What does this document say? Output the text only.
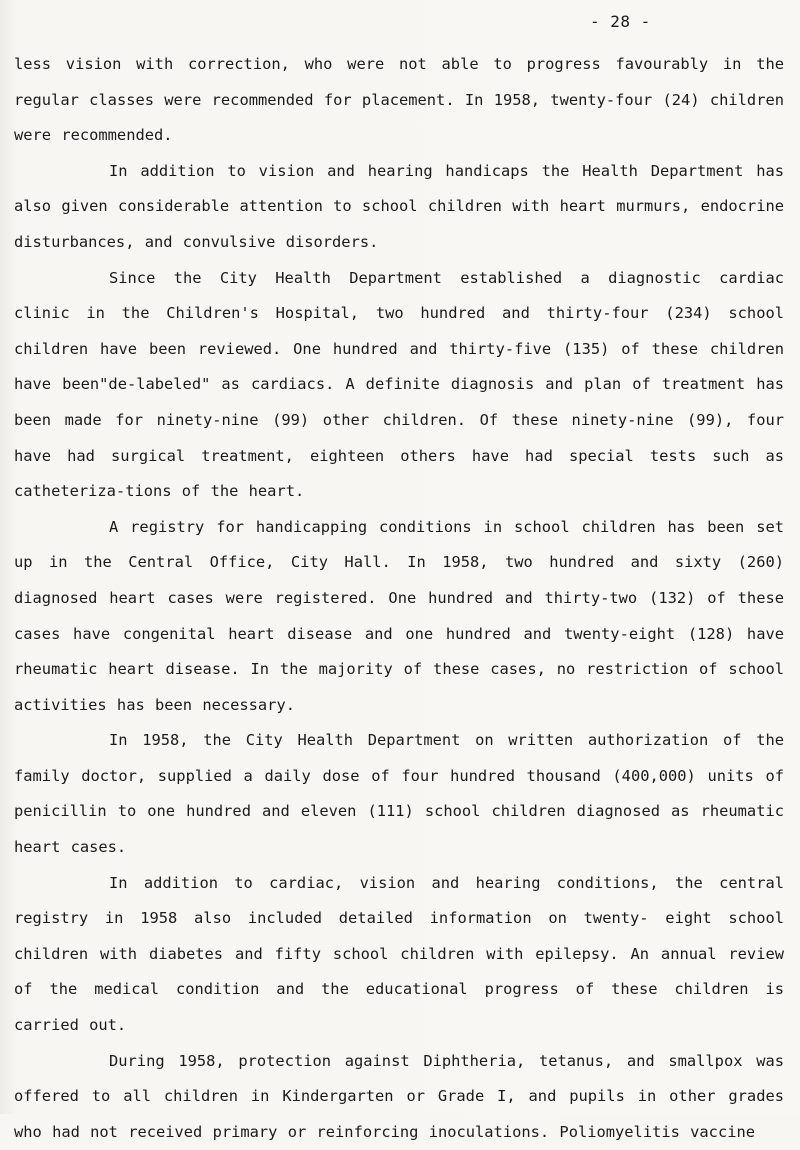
- 28 -

less vision with correction, who were not able to progress favourably in the regular classes were recommended for placement. In 1958, twenty-four (24) children were recommended.

In addition to vision and hearing handicaps the Health Department has also given considerable attention to school children with heart murmurs, endocrine disturbances, and convulsive disorders.

Since the City Health Department established a diagnostic cardiac clinic in the Children's Hospital, two hundred and thirty-four (234) school children have been reviewed. One hundred and thirty-five (135) of these children have been"de-labeled" as cardiacs. A definite diagnosis and plan of treatment has been made for ninety-nine (99) other children. Of these ninety-nine (99), four have had surgical treatment, eighteen others have had special tests such as catheteriza-tions of the heart.

A registry for handicapping conditions in school children has been set up in the Central Office, City Hall. In 1958, two hundred and sixty (260) diagnosed heart cases were registered. One hundred and thirty-two (132) of these cases have congenital heart disease and one hundred and twenty-eight (128) have rheumatic heart disease. In the majority of these cases, no restriction of school activities has been necessary.

In 1958, the City Health Department on written authorization of the family doctor, supplied a daily dose of four hundred thousand (400,000) units of penicillin to one hundred and eleven (111) school children diagnosed as rheumatic heart cases.

In addition to cardiac, vision and hearing conditions, the central registry in 1958 also included detailed information on twenty- eight school children with diabetes and fifty school children with epilepsy. An annual review of the medical condition and the educational progress of these children is carried out.

During 1958, protection against Diphtheria, tetanus, and smallpox was offered to all children in Kindergarten or Grade I, and pupils in other grades who had not received primary or reinforcing inoculations. Poliomyelitis vaccine
